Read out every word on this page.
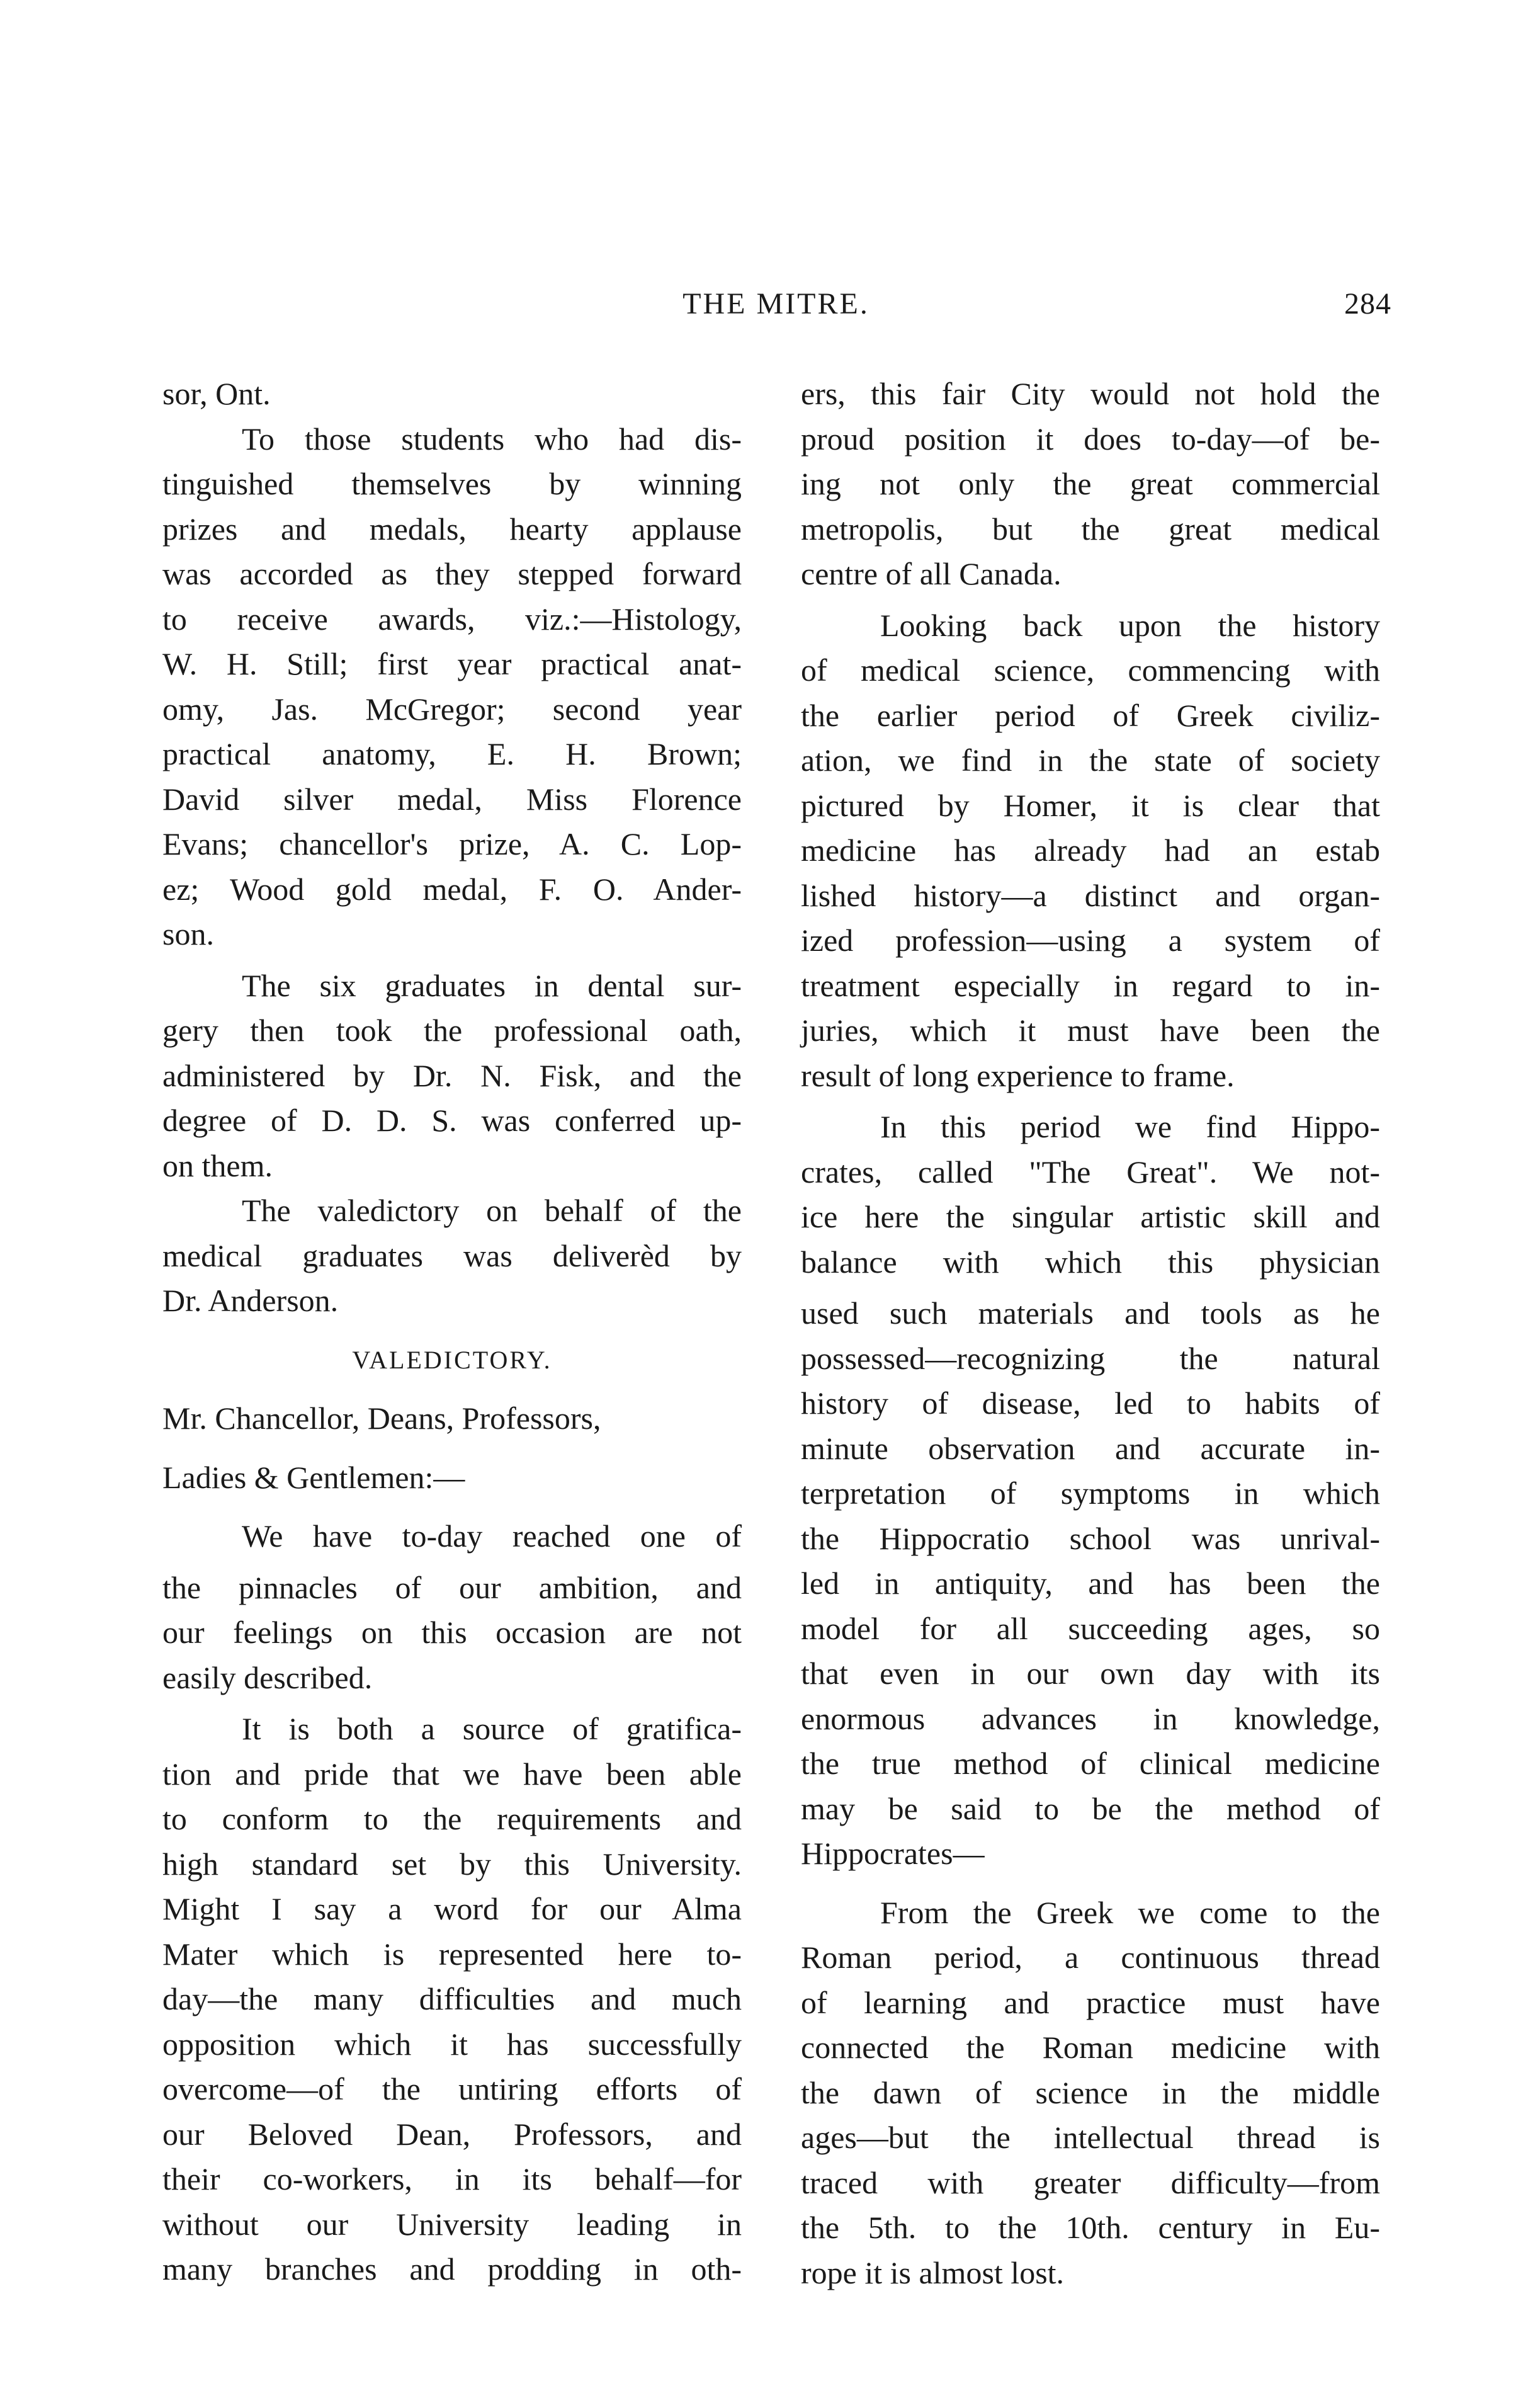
THE MITRE.	284
sor, Ont.
To those students who had dis-
tinguished themselves by winning
prizes and medals, hearty applause
was accorded as they stepped forward
to receive awards, viz.:—Histology,
W. H. Still; first year practical anat-
omy, Jas. McGregor; second year
practical anatomy, E. H. Brown;
David silver medal, Miss Florence
Evans; chancellor's prize, A. C. Lop-
ez; Wood gold medal, F. O. Ander-
son.
The six graduates in dental sur-
gery then took the professional oath,
administered by Dr. N. Fisk, and the
degree of D. D. S. was conferred up-
on them.
The valedictory on behalf of the
medical graduates was deliverèd by
Dr. Anderson.
VALEDICTORY.
Mr. Chancellor, Deans, Professors,
Ladies & Gentlemen:—
We have to-day reached one of
the pinnacles of our ambition, and
our feelings on this occasion are not
easily described.
It is both a source of gratifica-
tion and pride that we have been able
to conform to the requirements and
high standard set by this University.
Might I say a word for our Alma
Mater which is represented here to-
day—the many difficulties and much
opposition which it has successfully
overcome—of the untiring efforts of
our Beloved Dean, Professors, and
their co-workers, in its behalf—for
without our University leading in
many branches and prodding in oth-
ers, this fair City would not hold the
proud position it does to-day—of be-
ing not only the great commercial
metropolis, but the great medical
centre of all Canada.
Looking back upon the history
of medical science, commencing with
the earlier period of Greek civiliz-
ation, we find in the state of society
pictured by Homer, it is clear that
medicine has already had an estab
lished history—a distinct and organ-
ized profession—using a system of
treatment especially in regard to in-
juries, which it must have been the
result of long experience to frame.
In this period we find Hippo-
crates, called "The Great". We not-
ice here the singular artistic skill and
balance with which this physician
used such materials and tools as he
possessed—recognizing the natural
history of disease, led to habits of
minute observation and accurate in-
terpretation of symptoms in which
the Hippocratio school was unrival-
led in antiquity, and has been the
model for all succeeding ages, so
that even in our own day with its
enormous advances in knowledge,
the true method of clinical medicine
may be said to be the method of
Hippocrates—
From the Greek we come to the
Roman period, a continuous thread
of learning and practice must have
connected the Roman medicine with
the dawn of science in the middle
ages—but the intellectual thread is
traced with greater difficulty—from
the 5th. to the 10th. century in Eu-
rope it is almost lost.
